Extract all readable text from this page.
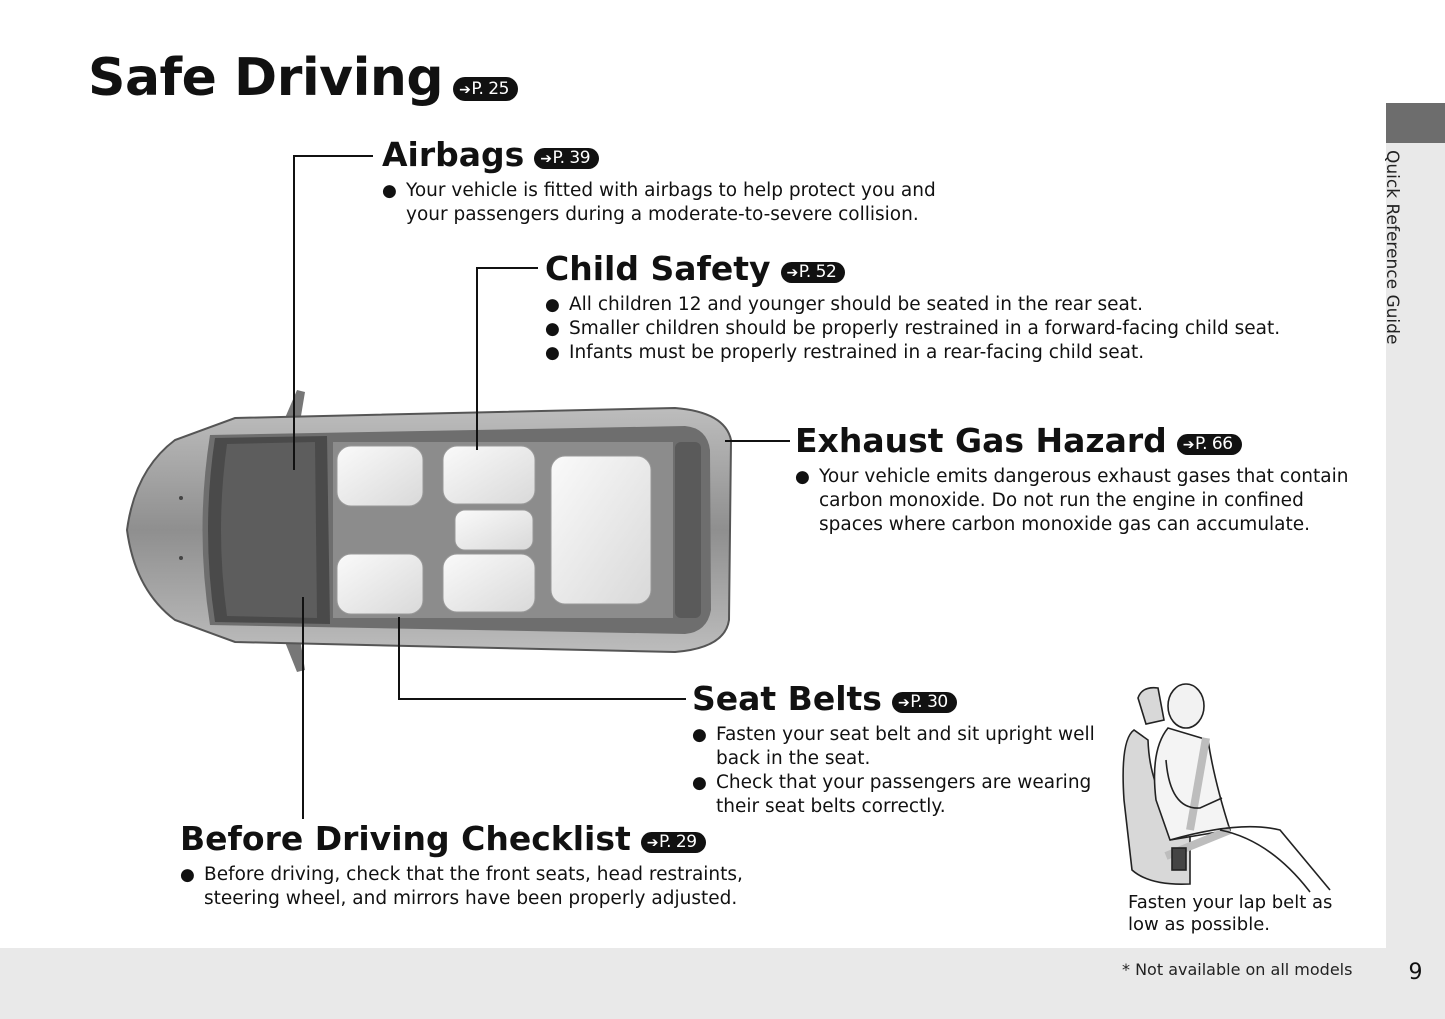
Quick Reference Guide
Safe Driving ➔P. 25
Airbags ➔P. 39
● Your vehicle is fitted with airbags to help protect you and your passengers during a moderate-to-severe collision.
Child Safety ➔P. 52
● All children 12 and younger should be seated in the rear seat.
● Smaller children should be properly restrained in a forward-facing child seat.
● Infants must be properly restrained in a rear-facing child seat.
Exhaust Gas Hazard ➔P. 66
● Your vehicle emits dangerous exhaust gases that contain carbon monoxide. Do not run the engine in confined spaces where carbon monoxide gas can accumulate.
Seat Belts ➔P. 30
● Fasten your seat belt and sit upright well back in the seat.
● Check that your passengers are wearing their seat belts correctly.
Fasten your lap belt as low as possible.
Before Driving Checklist ➔P. 29
● Before driving, check that the front seats, head restraints, steering wheel, and mirrors have been properly adjusted.
* Not available on all models	9
